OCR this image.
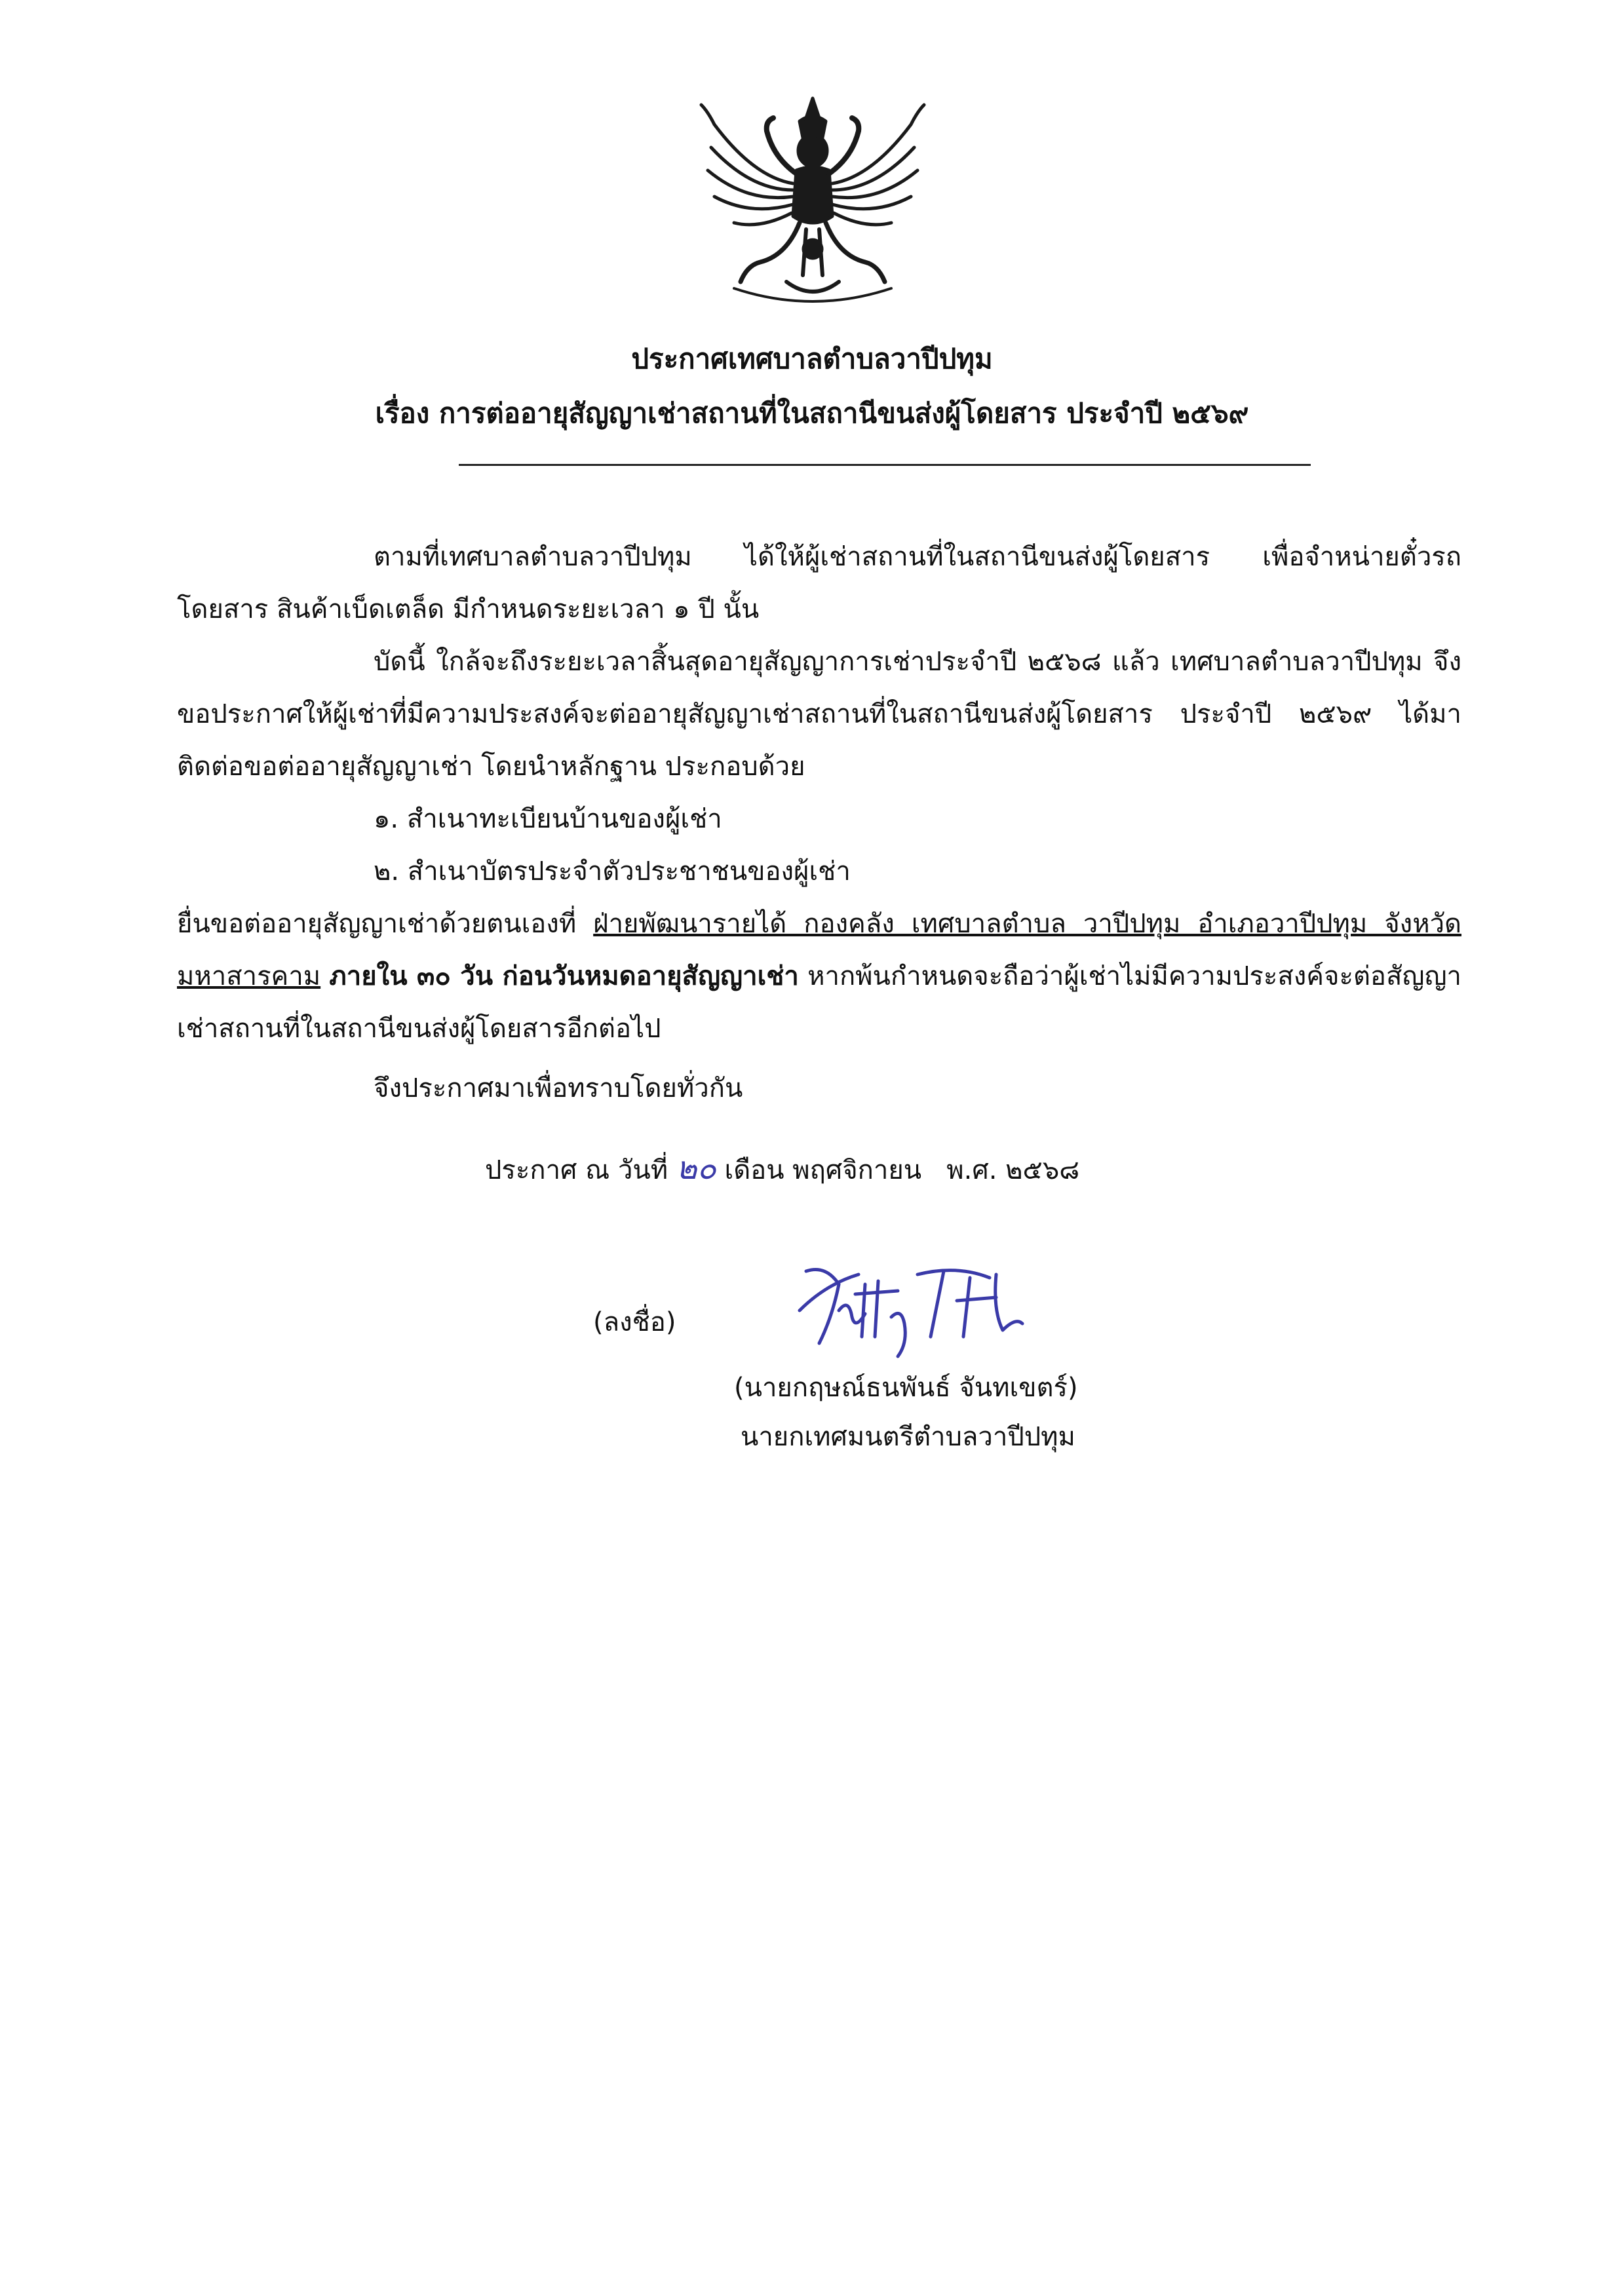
ประกาศเทศบาลตำบลวาปีปทุม
เรื่อง การต่ออายุสัญญาเช่าสถานที่ในสถานีขนส่งผู้โดยสาร ประจำปี ๒๕๖๙

ตามที่เทศบาลตำบลวาปีปทุม ได้ให้ผู้เช่าสถานที่ในสถานีขนส่งผู้โดยสาร เพื่อจำหน่ายตั๋วรถโดยสาร สินค้าเบ็ดเตล็ด มีกำหนดระยะเวลา ๑ ปี นั้น

บัดนี้ ใกล้จะถึงระยะเวลาสิ้นสุดอายุสัญญาการเช่าประจำปี ๒๕๖๘ แล้ว เทศบาลตำบลวาปีปทุม จึงขอประกาศให้ผู้เช่าที่มีความประสงค์จะต่ออายุสัญญาเช่าสถานที่ในสถานีขนส่งผู้โดยสาร ประจำปี ๒๕๖๙ ได้มาติดต่อขอต่ออายุสัญญาเช่า โดยนำหลักฐาน ประกอบด้วย

๑. สำเนาทะเบียนบ้านของผู้เช่า

๒. สำเนาบัตรประจำตัวประชาชนของผู้เช่า

ยื่นขอต่ออายุสัญญาเช่าด้วยตนเองที่ ฝ่ายพัฒนารายได้ กองคลัง เทศบาลตำบล วาปีปทุม อำเภอวาปีปทุม จังหวัดมหาสารคาม ภายใน ๓๐ วัน ก่อนวันหมดอายุสัญญาเช่า หากพ้นกำหนดจะถือว่าผู้เช่าไม่มีความประสงค์จะต่อสัญญาเช่าสถานที่ในสถานีขนส่งผู้โดยสารอีกต่อไป

จึงประกาศมาเพื่อทราบโดยทั่วกัน
ประกาศ ณ วันที่ ๒๐ เดือน พฤศจิกายน พ.ศ. ๒๕๖๘
(ลงชื่อ)
(นายกฤษณ์ธนพันธ์ จันทเขตร์)
นายกเทศมนตรีตำบลวาปีปทุม
